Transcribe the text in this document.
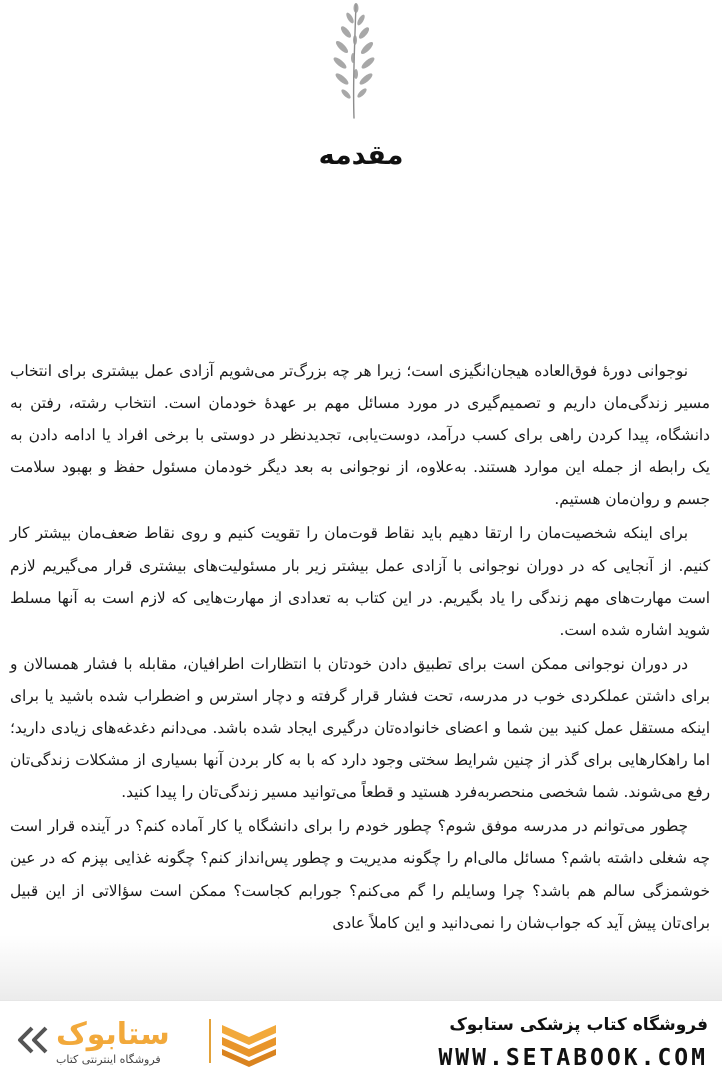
مقدمه

نوجوانی دورهٔ فوق‌العاده هیجان‌انگیزی است؛ زیرا هر چه بزرگ‌تر می‌شویم آزادی عمل بیشتری برای انتخاب مسیر زندگی‌مان داریم و تصمیم‌گیری در مورد مسائل مهم بر عهدهٔ خودمان است. انتخاب رشته، رفتن به دانشگاه، پیدا کردن راهی برای کسب درآمد، دوست‌یابی، تجدیدنظر در دوستی با برخی افراد یا ادامه دادن به یک رابطه از جمله این موارد هستند. به‌علاوه، از نوجوانی به بعد دیگر خودمان مسئول حفظ و بهبود سلامت جسم و روان‌مان هستیم.

برای اینکه شخصیت‌مان را ارتقا دهیم باید نقاط قوت‌مان را تقویت کنیم و روی نقاط ضعف‌مان بیشتر کار کنیم. از آنجایی که در دوران نوجوانی با آزادی عمل بیشتر زیر بار مسئولیت‌های بیشتری قرار می‌گیریم لازم است مهارت‌های مهم زندگی را یاد بگیریم. در این کتاب به تعدادی از مهارت‌هایی که لازم است به آنها مسلط شوید اشاره شده است.

در دوران نوجوانی ممکن است برای تطبیق دادن خودتان با انتظارات اطرافیان، مقابله با فشار همسالان و برای داشتن عملکردی خوب در مدرسه، تحت فشار قرار گرفته و دچار استرس و اضطراب شده باشید یا برای اینکه مستقل عمل کنید بین شما و اعضای خانواده‌تان درگیری ایجاد شده باشد. می‌دانم دغدغه‌های زیادی دارید؛ اما راهکارهایی برای گذر از چنین شرایط سختی وجود دارد که با به کار بردن آنها بسیاری از مشکلات زندگی‌تان رفع می‌شوند. شما شخصی منحصربه‌فرد هستید و قطعاً می‌توانید مسیر زندگی‌تان را پیدا کنید.

چطور می‌توانم در مدرسه موفق شوم؟ چطور خودم را برای دانشگاه یا کار آماده کنم؟ در آینده قرار است چه شغلی داشته باشم؟ مسائل مالی‌ام را چگونه مدیریت و چطور پس‌انداز کنم؟ چگونه غذایی بپزم که در عین خوشمزگی سالم هم باشد؟ چرا وسایلم را گم می‌کنم؟ جورابم کجاست؟ ممکن است سؤالاتی از این قبیل برای‌تان پیش آید که جواب‌شان را نمی‌دانید و این کاملاً عادی

ستابوک
فروشگاه اینترنتی کتاب
فروشگاه کتاب پزشکی ستابوک
WWW.SETABOOK.COM
